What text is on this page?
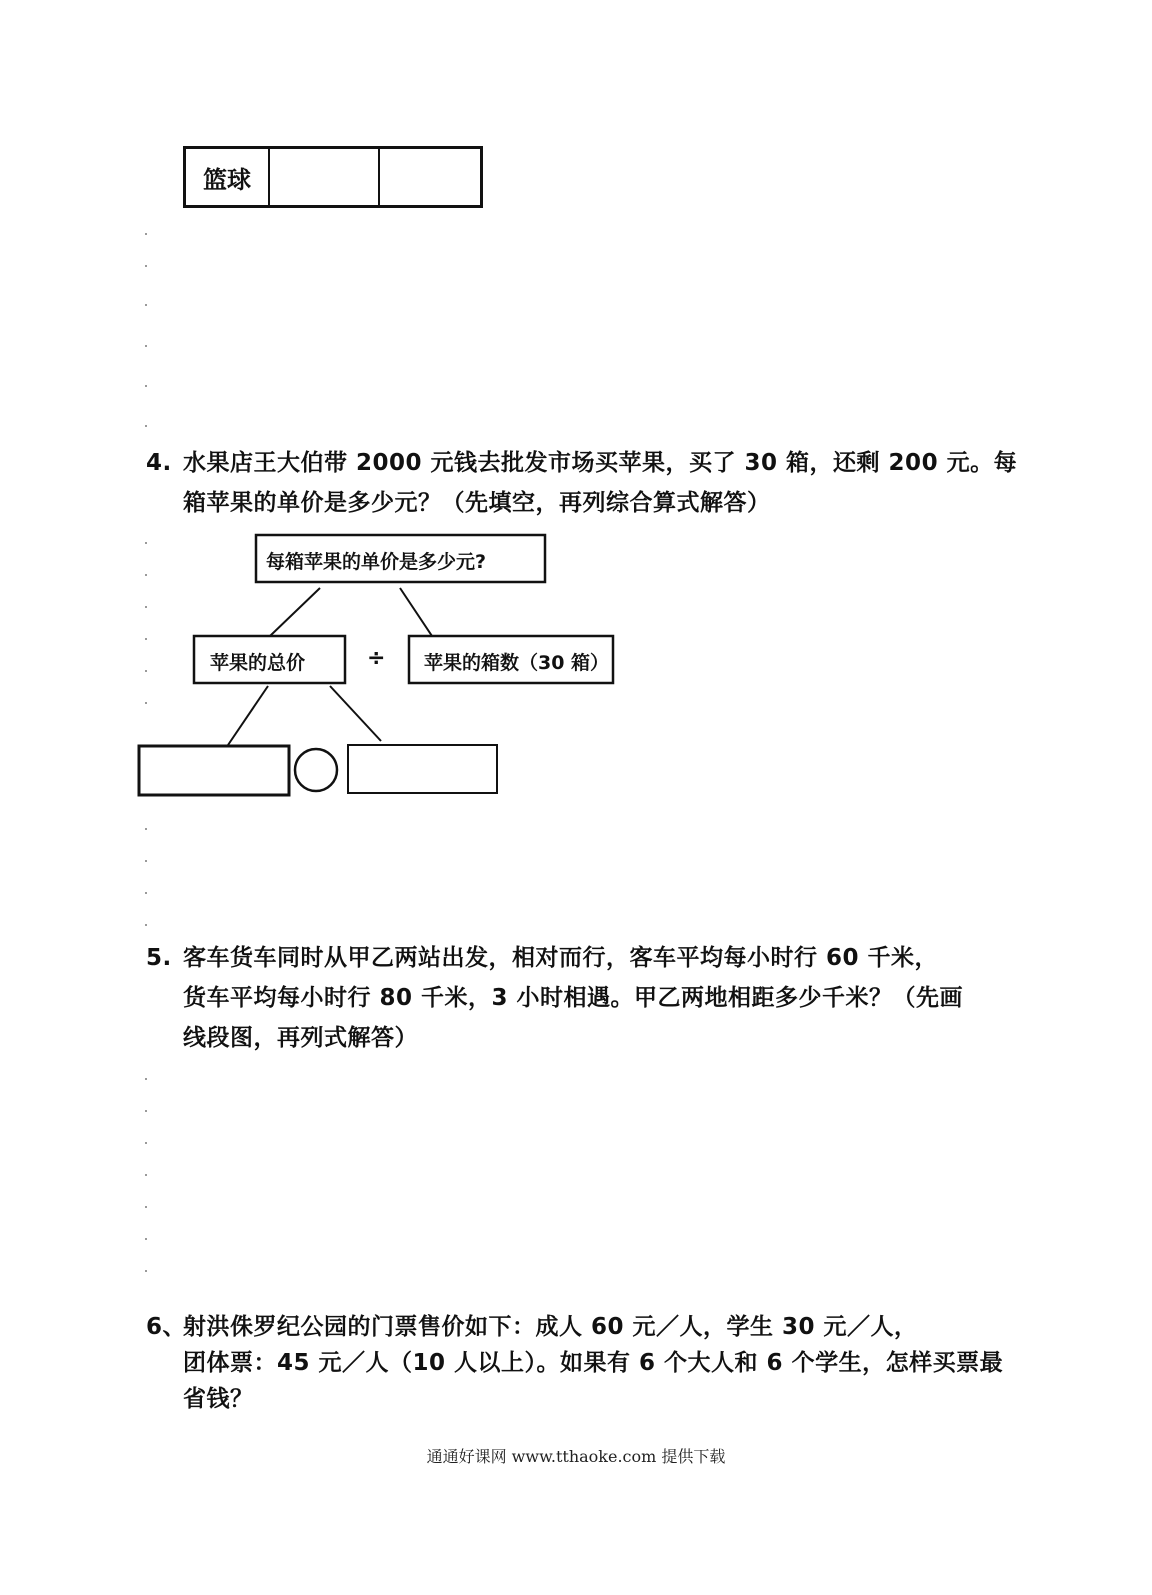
篮球		
4. 水果店王大伯带 2000 元钱去批发市场买苹果，买了 30 箱，还剩 200 元。每
箱苹果的单价是多少元？（先填空，再列综合算式解答）
每箱苹果的单价是多少元?
苹果的总价	÷ 苹果的箱数（30 箱）
5. 客车货车同时从甲乙两站出发，相对而行，客车平均每小时行 60 千米，
货车平均每小时行 80 千米，3 小时相遇。甲乙两地相距多少千米？（先画
线段图，再列式解答）
6、
射洪侏罗纪公园的门票售价如下：成人 60 元／人，学生 30 元／人，
团体票：45 元／人（10 人以上）。如果有 6 个大人和 6 个学生，怎样买票最
省钱？
通通好课网 www.tthaoke.com 提供下载
